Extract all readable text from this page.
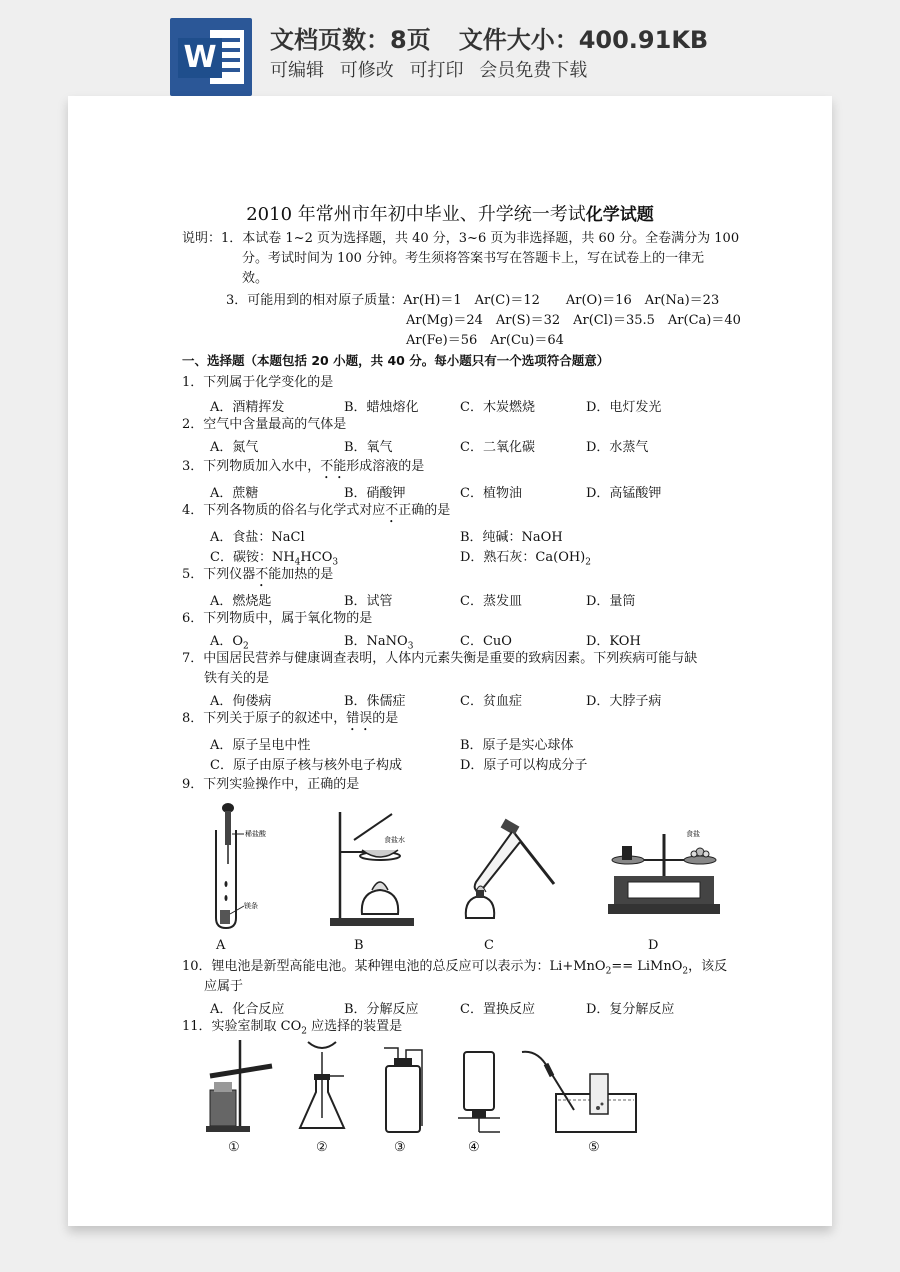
W 文档页数：8页 文件大小：400.91KB
可编辑 可修改 可打印 会员免费下载
2010 年常州市年初中毕业、升学统一考试化学试题
说明：1．本试卷 1~2 页为选择题，共 40 分，3~6 页为非选择题，共 60 分。全卷满分为 100
分。考试时间为 100 分钟。考生须将答案书写在答题卡上，写在试卷上的一律无
效。
3．可能用到的相对原子质量：Ar(H)＝1　Ar(C)＝12　　Ar(O)＝16　Ar(Na)＝23
Ar(Mg)＝24　Ar(S)＝32　Ar(Cl)＝35.5　Ar(Ca)＝40
Ar(Fe)＝56　Ar(Cu)＝64
一、选择题（本题包括 20 小题，共 40 分。每小题只有一个选项符合题意）
1．下列属于化学变化的是
A．酒精挥发	B．蜡烛熔化	C．木炭燃烧	D．电灯发光
2．空气中含量最高的气体是
A．氮气	B．氧气	C．二氧化碳	D．水蒸气
3．下列物质加入水中，不能形成溶液的是
A．蔗糖	B．硝酸钾	C．植物油	D．高锰酸钾
4．下列各物质的俗名与化学式对应不正确的是
A．食盐：NaCl	B．纯碱：NaOH
C．碳铵：$NH_4HCO_3$	D．熟石灰：$Ca(OH)_2$
5．下列仪器不能加热的是
A．燃烧匙	B．试管	C．蒸发皿	D．量筒
6．下列物质中，属于氧化物的是
A．$O_2$	B．NaNO$_3$	C．CuO	D．KOH
7．中国居民营养与健康调查表明，人体内元素失衡是重要的致病因素。下列疾病可能与缺
铁有关的是
A．佝偻病	B．侏儒症	C．贫血症	D．大脖子病
8．下列关于原子的叙述中，错误的是
A．原子呈电中性	B．原子是实心球体
C．原子由原子核与核外电子构成	D．原子可以构成分子
9．下列实验操作中，正确的是
稀盐酸
镁条
食盐水
食盐
A	B	C	D
10．锂电池是新型高能电池。某种锂电池的总反应可以表示为：Li+MnO$_2$== LiMnO$_2$，该反
应属于
A．化合反应	B．分解反应	C．置换反应	D．复分解反应
11．实验室制取 $CO_2$ 应选择的装置是
①	②	③	④	⑤
